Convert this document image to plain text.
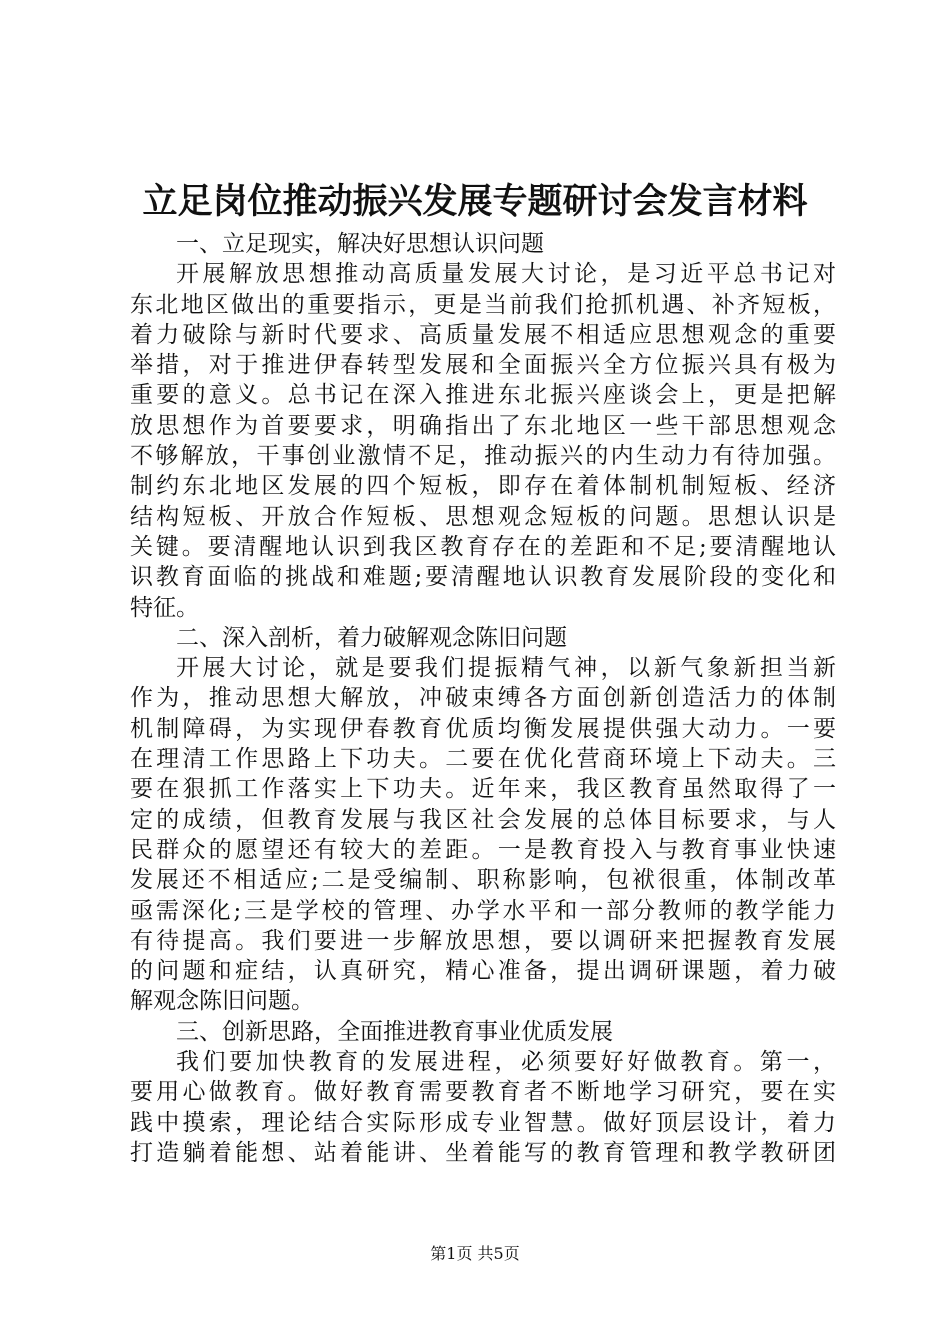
立足岗位推动振兴发展专题研讨会发言材料
一、立足现实，解决好思想认识问题
开展解放思想推动高质量发展大讨论，是习近平总书记对
东北地区做出的重要指示，更是当前我们抢抓机遇、补齐短板，
着力破除与新时代要求、高质量发展不相适应思想观念的重要
举措，对于推进伊春转型发展和全面振兴全方位振兴具有极为
重要的意义。总书记在深入推进东北振兴座谈会上，更是把解
放思想作为首要要求，明确指出了东北地区一些干部思想观念
不够解放，干事创业激情不足，推动振兴的内生动力有待加强。
制约东北地区发展的四个短板，即存在着体制机制短板、经济
结构短板、开放合作短板、思想观念短板的问题。思想认识是
关键。要清醒地认识到我区教育存在的差距和不足;要清醒地认
识教育面临的挑战和难题;要清醒地认识教育发展阶段的变化和
特征。
二、深入剖析，着力破解观念陈旧问题
开展大讨论，就是要我们提振精气神，以新气象新担当新
作为，推动思想大解放，冲破束缚各方面创新创造活力的体制
机制障碍，为实现伊春教育优质均衡发展提供强大动力。一要
在理清工作思路上下功夫。二要在优化营商环境上下动夫。三
要在狠抓工作落实上下功夫。近年来，我区教育虽然取得了一
定的成绩，但教育发展与我区社会发展的总体目标要求，与人
民群众的愿望还有较大的差距。一是教育投入与教育事业快速
发展还不相适应;二是受编制、职称影响，包袱很重，体制改革
亟需深化;三是学校的管理、办学水平和一部分教师的教学能力
有待提高。我们要进一步解放思想，要以调研来把握教育发展
的问题和症结，认真研究，精心准备，提出调研课题，着力破
解观念陈旧问题。
三、创新思路，全面推进教育事业优质发展
我们要加快教育的发展进程，必须要好好做教育。第一，
要用心做教育。做好教育需要教育者不断地学习研究，要在实
践中摸索，理论结合实际形成专业智慧。做好顶层设计，着力
打造躺着能想、站着能讲、坐着能写的教育管理和教学教研团
第1页 共5页
